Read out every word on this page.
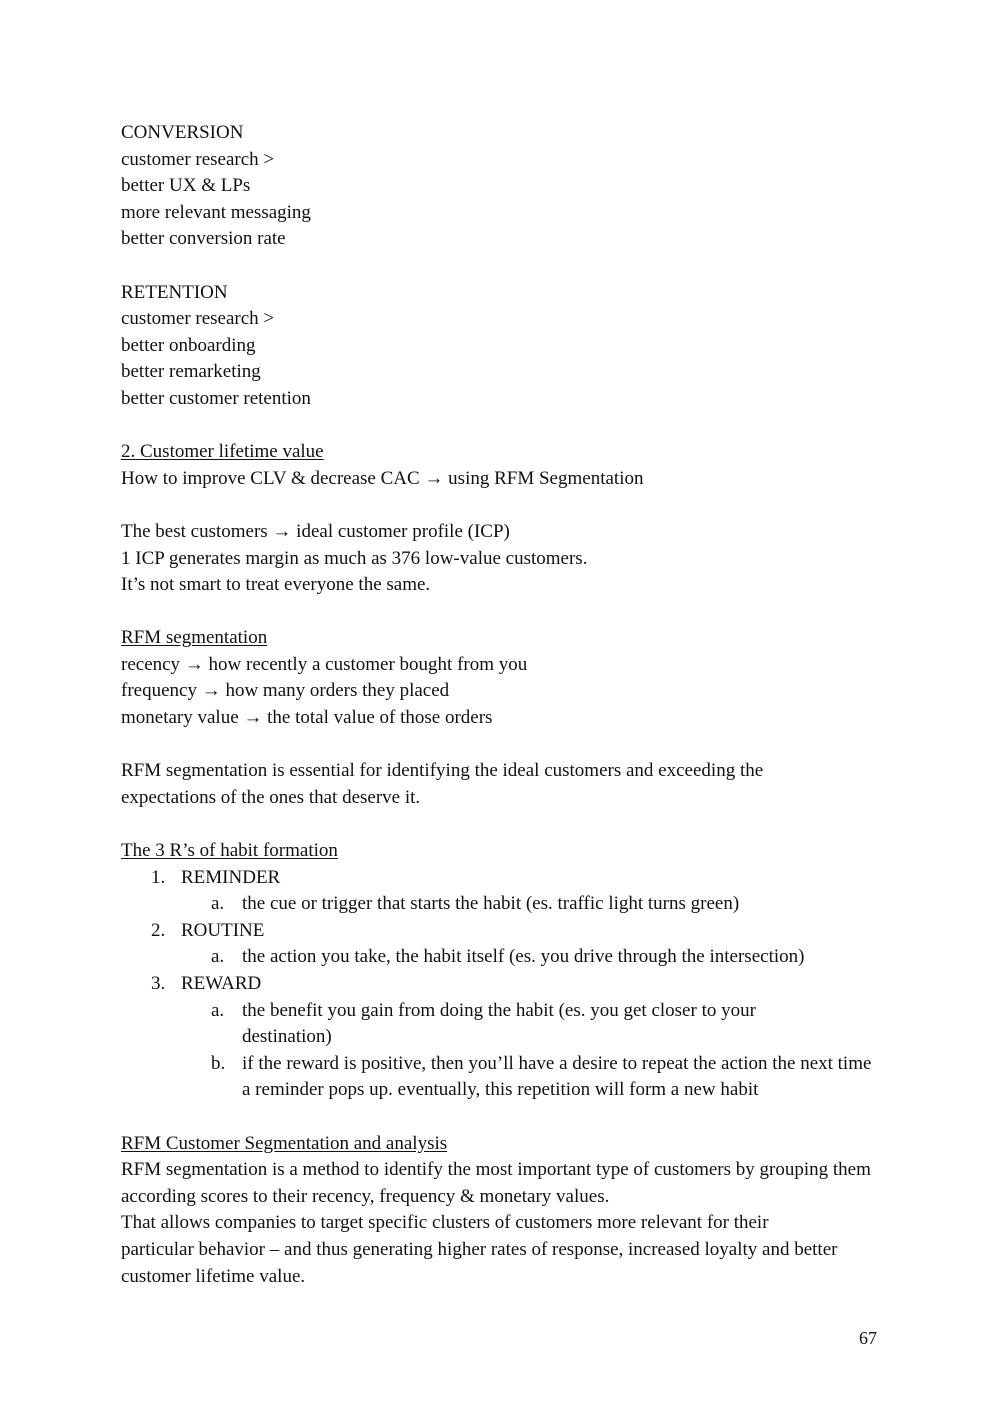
CONVERSION
customer research >
better UX & LPs
more relevant messaging
better conversion rate
RETENTION
customer research >
better onboarding
better remarketing
better customer retention
2. Customer lifetime value
How to improve CLV & decrease CAC → using RFM Segmentation
The best customers → ideal customer profile (ICP)
1 ICP generates margin as much as 376 low-value customers.
It’s not smart to treat everyone the same.
RFM segmentation
recency → how recently a customer bought from you
frequency → how many orders they placed
monetary value → the total value of those orders
RFM segmentation is essential for identifying the ideal customers and exceeding the expectations of the ones that deserve it.
The 3 R’s of habit formation
1. REMINDER
a. the cue or trigger that starts the habit (es. traffic light turns green)
2. ROUTINE
a. the action you take, the habit itself (es. you drive through the intersection)
3. REWARD
a. the benefit you gain from doing the habit (es. you get closer to your destination)
b. if the reward is positive, then you’ll have a desire to repeat the action the next time a reminder pops up. eventually, this repetition will form a new habit
RFM Customer Segmentation and analysis
RFM segmentation is a method to identify the most important type of customers by grouping them according scores to their recency, frequency & monetary values.
That allows companies to target specific clusters of customers more relevant for their particular behavior – and thus generating higher rates of response, increased loyalty and better customer lifetime value.
67
